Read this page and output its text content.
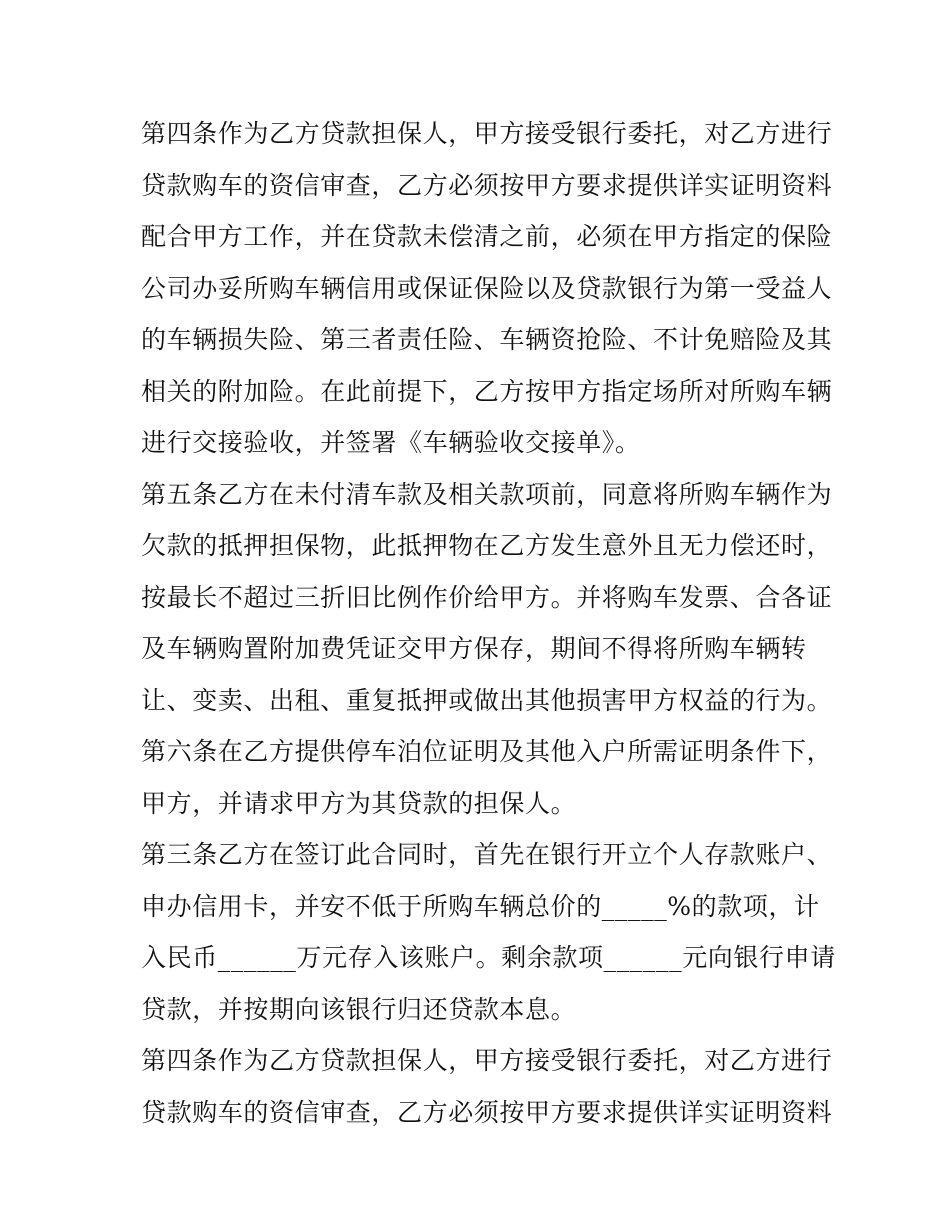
第四条作为乙方贷款担保人，甲方接受银行委托，对乙方进行
贷款购车的资信审查，乙方必须按甲方要求提供详实证明资料
配合甲方工作，并在贷款未偿清之前，必须在甲方指定的保险
公司办妥所购车辆信用或保证保险以及贷款银行为第一受益人
的车辆损失险、第三者责任险、车辆资抢险、不计免赔险及其
相关的附加险。在此前提下，乙方按甲方指定场所对所购车辆
进行交接验收，并签署《车辆验收交接单》。
第五条乙方在未付清车款及相关款项前，同意将所购车辆作为
欠款的抵押担保物，此抵押物在乙方发生意外且无力偿还时，
按最长不超过三折旧比例作价给甲方。并将购车发票、合各证
及车辆购置附加费凭证交甲方保存，期间不得将所购车辆转
让、变卖、出租、重复抵押或做出其他损害甲方权益的行为。
第六条在乙方提供停车泊位证明及其他入户所需证明条件下，
甲方，并请求甲方为其贷款的担保人。
第三条乙方在签订此合同时，首先在银行开立个人存款账户、
申办信用卡，并安不低于所购车辆总价的_____%的款项，计
入民币______万元存入该账户。剩余款项______元向银行申请
贷款，并按期向该银行归还贷款本息。
第四条作为乙方贷款担保人，甲方接受银行委托，对乙方进行
贷款购车的资信审查，乙方必须按甲方要求提供详实证明资料
